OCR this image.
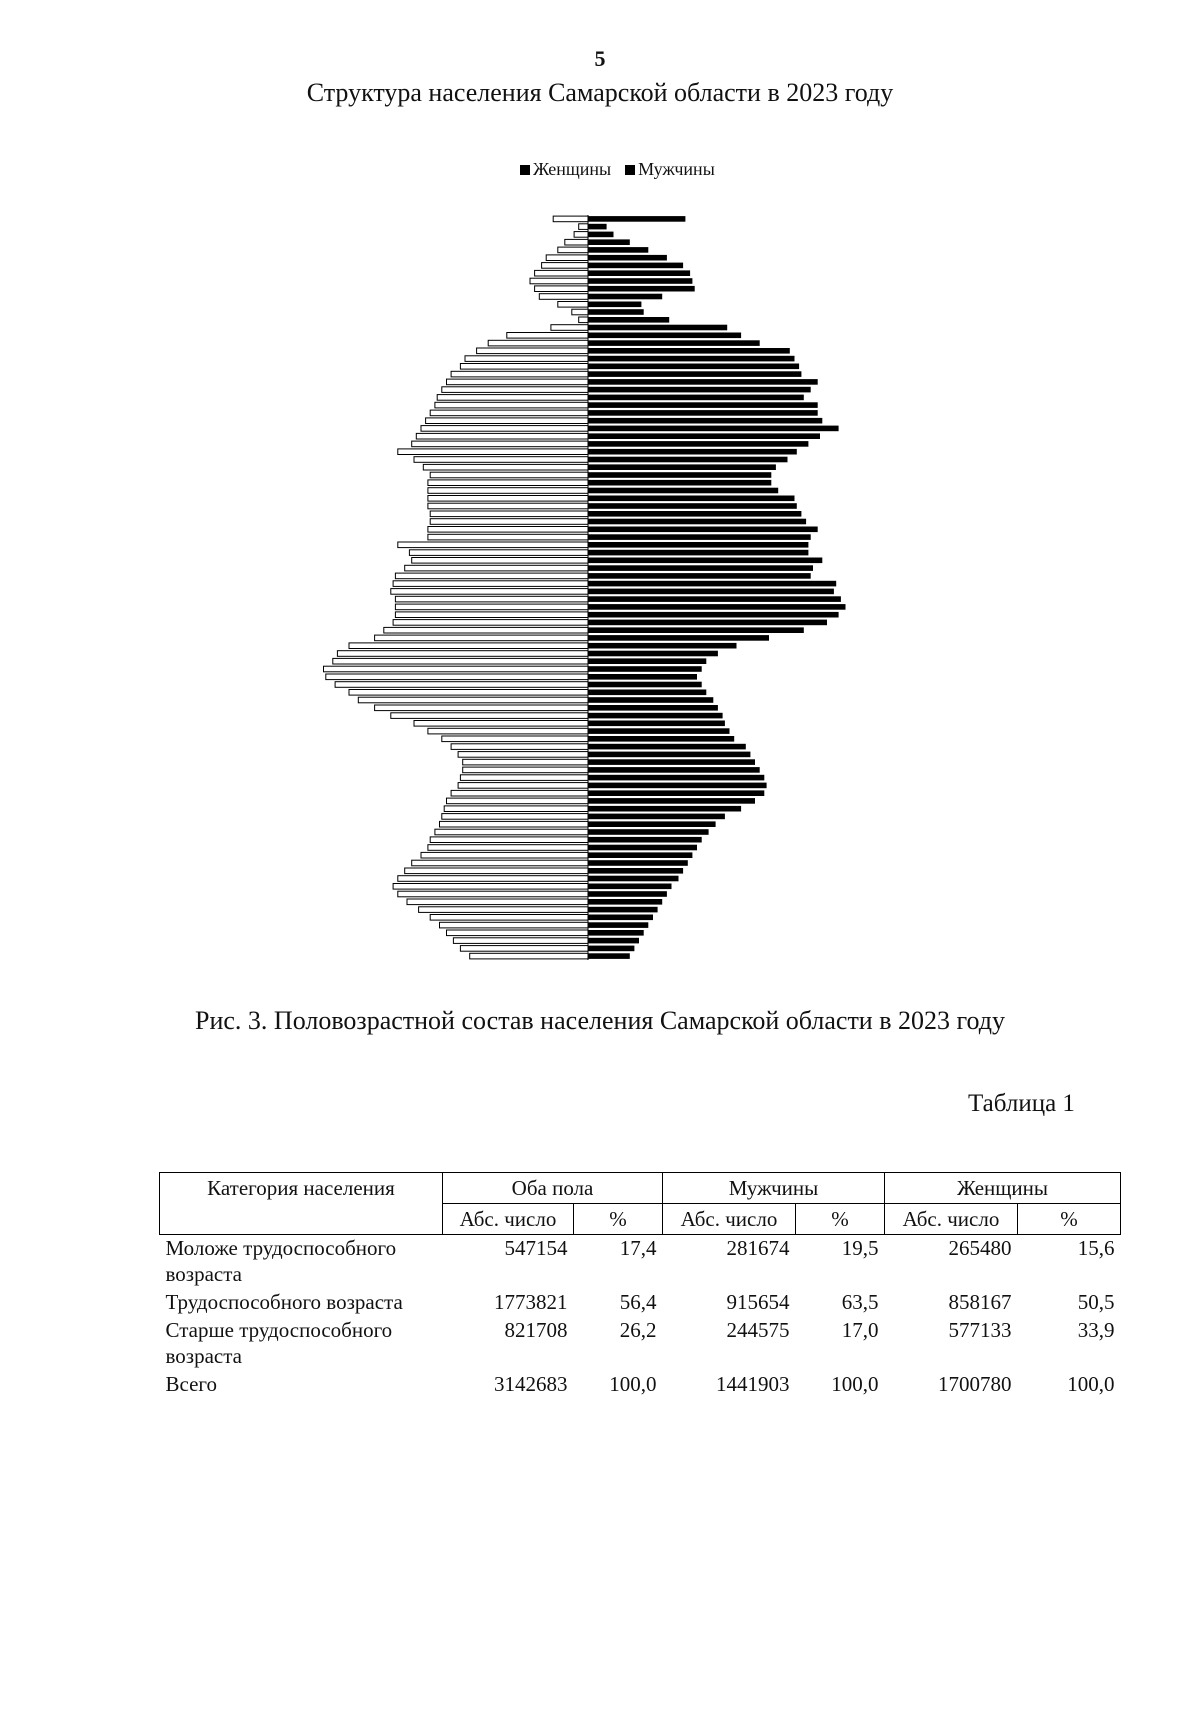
5
Структура населения Самарской области в 2023 году
Женщины Мужчины
Рис. 3. Половозрастной состав населения Самарской области в 2023 году
Таблица 1
Категория населения	Оба пола		Мужчины		Женщины	
	Абс. число	%	Абс. число	%	Абс. число	%
Моложе трудоспособного возраста	547154	17,4	281674	19,5	265480	15,6
Трудоспособного возраста	1773821	56,4	915654	63,5	858167	50,5
Старше трудоспособного возраста	821708	26,2	244575	17,0	577133	33,9
Всего	3142683	100,0	1441903	100,0	1700780	100,0
